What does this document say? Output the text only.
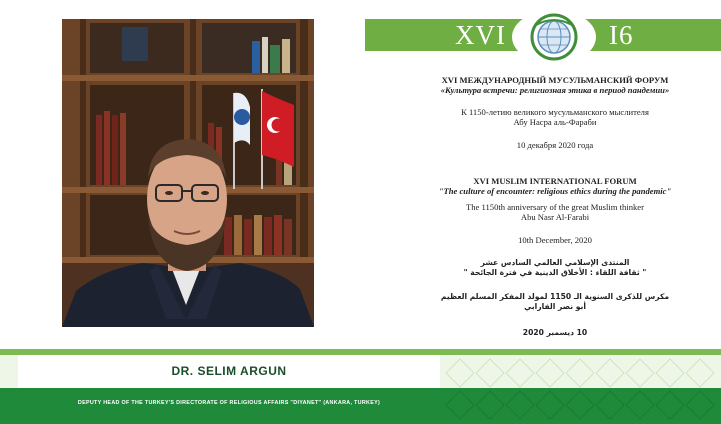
XVI	I6

XVI МЕЖДУНАРОДНЫЙ МУСУЛЬМАНСКИЙ ФОРУМ

«Культура встречи: религиозная этика в период пандемии»

К 1150-летию великого мусульманского мыслителя

Абу Насра аль-Фараби

10 декабря 2020 года

XVI MUSLIM INTERNATIONAL FORUM

"The culture of encounter: religious ethics during the pandemic"

The 1150th anniversary of the great Muslim thinker

Abu Nasr Al-Farabi

10th December, 2020

المنتدى الإسلامي العالمي السادس عشر

" ثقافة اللقاء : الأخلاق الدينية في فترة الجائحة "

مكرس للذكرى السنوية الـ 1150 لمولد المفكر المسلم العظيم

أبو نصر الفارابي

10 ديسمبر 2020

DR. SELIM ARGUN
DEPUTY HEAD OF THE TURKEY'S DIRECTORATE OF RELIGIOUS AFFAIRS "DIYANET" (ANKARA, TURKEY)
